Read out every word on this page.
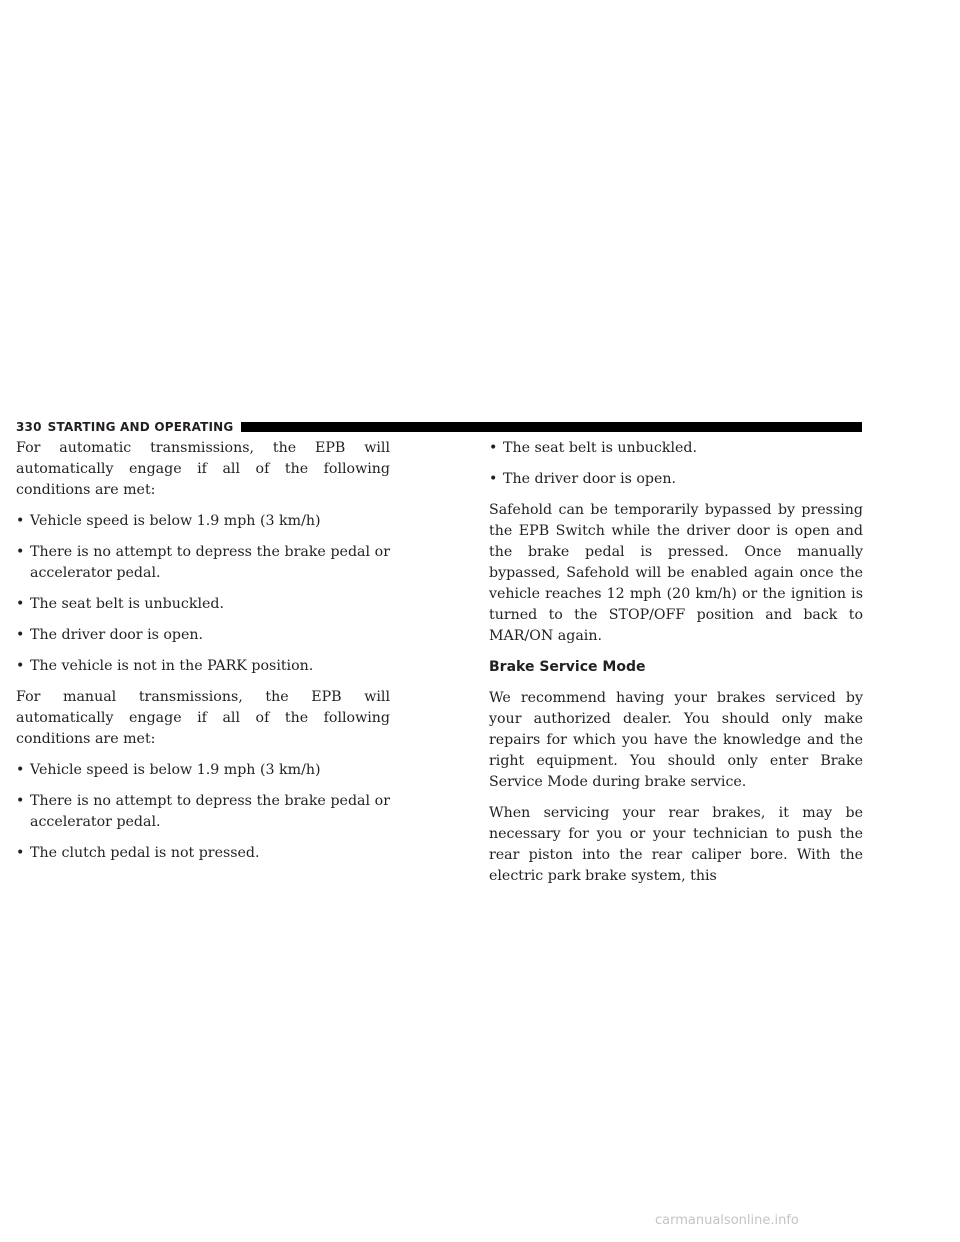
330 STARTING AND OPERATING

For automatic transmissions, the EPB will automatically engage if all of the following conditions are met:

• Vehicle speed is below 1.9 mph (3 km/h)
• There is no attempt to depress the brake pedal or accelerator pedal.
• The seat belt is unbuckled.
• The driver door is open.
• The vehicle is not in the PARK position.

For manual transmissions, the EPB will automatically engage if all of the following conditions are met:

• Vehicle speed is below 1.9 mph (3 km/h)
• There is no attempt to depress the brake pedal or accelerator pedal.
• The clutch pedal is not pressed.
• The seat belt is unbuckled.
• The driver door is open.

Safehold can be temporarily bypassed by pressing the EPB Switch while the driver door is open and the brake pedal is pressed. Once manually bypassed, Safehold will be enabled again once the vehicle reaches 12 mph (20 km/h) or the ignition is turned to the STOP/OFF position and back to MAR/ON again.

Brake Service Mode

We recommend having your brakes serviced by your authorized dealer. You should only make repairs for which you have the knowledge and the right equipment. You should only enter Brake Service Mode during brake service.

When servicing your rear brakes, it may be necessary for you or your technician to push the rear piston into the rear caliper bore. With the electric park brake system, this

carmanualsonline.info
